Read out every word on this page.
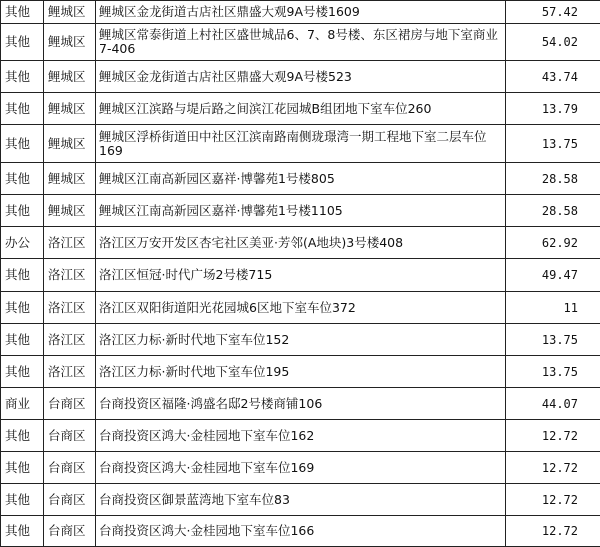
其他	鲤城区	鲤城区金龙街道古店社区鼎盛大观9A号楼1609	57.42
其他	鲤城区	鲤城区常泰街道上村社区盛世城品6、7、8号楼、东区裙房与地下室商业7-406	54.02
其他	鲤城区	鲤城区金龙街道古店社区鼎盛大观9A号楼523	43.74
其他	鲤城区	鲤城区江滨路与堤后路之间滨江花园城B组团地下室车位260	13.79
其他	鲤城区	鲤城区浮桥街道田中社区江滨南路南侧珑璟湾一期工程地下室二层车位169	13.75
其他	鲤城区	鲤城区江南高新园区嘉祥·博馨苑1号楼805	28.58
其他	鲤城区	鲤城区江南高新园区嘉祥·博馨苑1号楼1105	28.58
办公	洛江区	洛江区万安开发区杏宅社区美亚·芳邻(A地块)3号楼408	62.92
其他	洛江区	洛江区恒冠·时代广场2号楼715	49.47
其他	洛江区	洛江区双阳街道阳光花园城6区地下室车位372	11
其他	洛江区	洛江区力标·新时代地下室车位152	13.75
其他	洛江区	洛江区力标·新时代地下室车位195	13.75
商业	台商区	台商投资区福隆·鸿盛名邸2号楼商铺106	44.07
其他	台商区	台商投资区鸿大·金桂园地下室车位162	12.72
其他	台商区	台商投资区鸿大·金桂园地下室车位169	12.72
其他	台商区	台商投资区御景蓝湾地下室车位83	12.72
其他	台商区	台商投资区鸿大·金桂园地下室车位166	12.72
